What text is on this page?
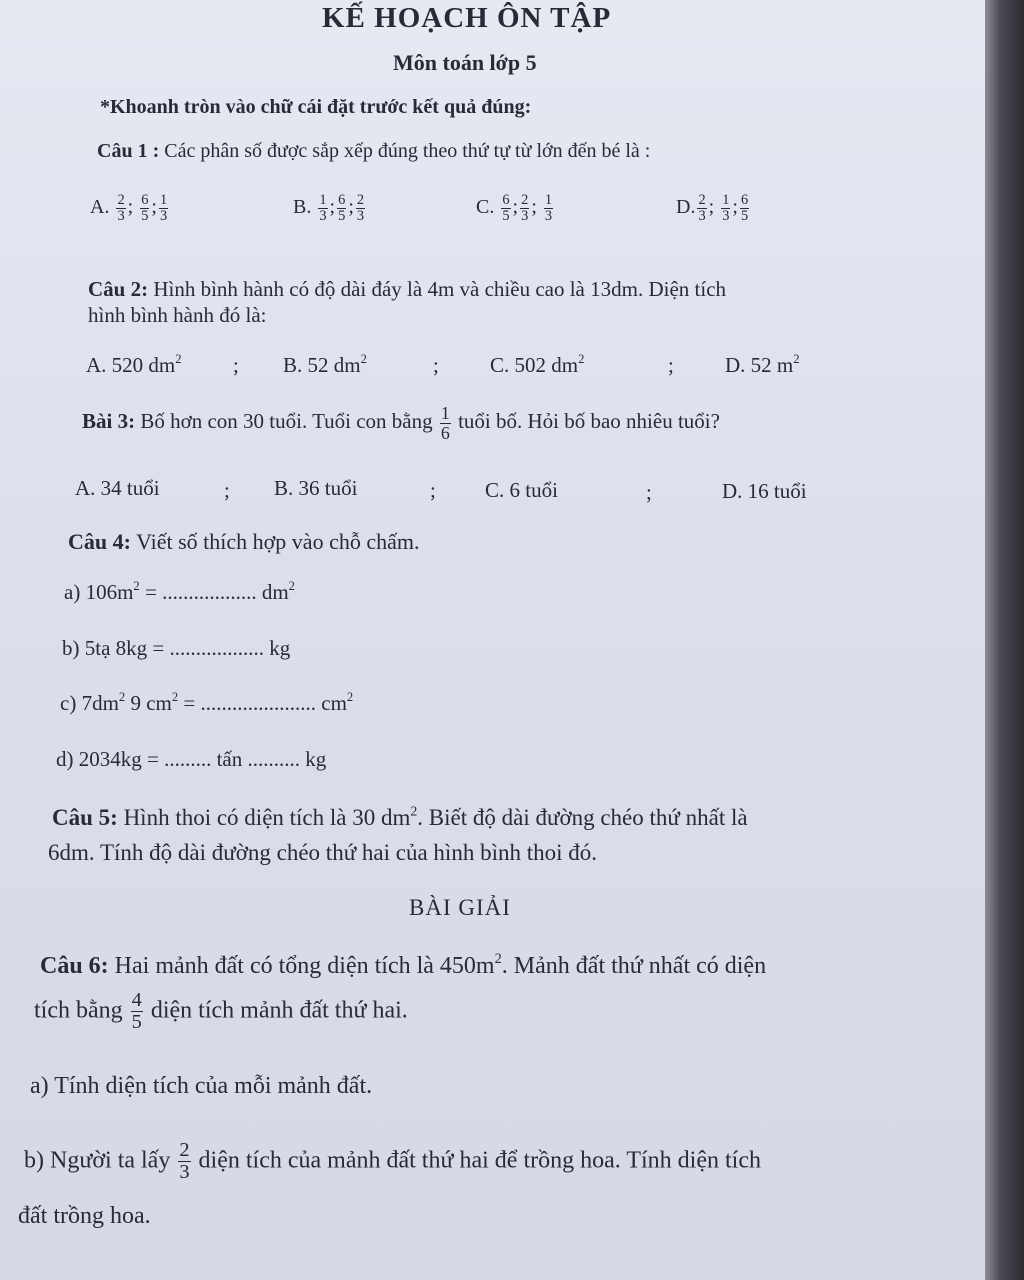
KẾ HOẠCH ÔN TẬP
Môn toán lớp 5
*Khoanh tròn vào chữ cái đặt trước kết quả đúng:
Câu 1 : Các phân số được sắp xếp đúng theo thứ tự từ lớn đến bé là :
A. $\frac{2}{3}$ ; $\frac{6}{5}$ ; $\frac{1}{3}$	B. $\frac{1}{3}$ ; $\frac{6}{5}$ ; $\frac{2}{3}$	C. $\frac{6}{5}$ ; $\frac{2}{3}$ ; $\frac{1}{3}$	D. $\frac{2}{3}$ ; $\frac{1}{3}$ ; $\frac{6}{5}$
Câu 2: Hình bình hành có độ dài đáy là 4m và chiều cao là 13dm. Diện tích
hình bình hành đó là:
A. 520 $dm^2$ ; B. 52 $dm^2$	; C. 502 $dm^2$	; D. 52 $m^2$
Bài 3: Bố hơn con 30 tuổi. Tuổi con bằng $\frac{1}{6}$ tuổi bố. Hỏi bố bao nhiêu tuổi?
A. 34 tuổi	; B. 36 tuổi	; C. 6 tuổi	;	D. 16 tuổi
Câu 4: Viết số thích hợp vào chỗ chấm.
a) $106m^2$ = .................. $dm^2$
b) 5tạ 8kg = .................. kg
c) $7dm^2$ 9 $cm^2$ = ...................... $cm^2$
d) 2034kg = ......... tấn .......... kg
Câu 5: Hình thoi có diện tích là 30 $dm^2$. Biết độ dài đường chéo thứ nhất là
6dm. Tính độ dài đường chéo thứ hai của hình bình thoi đó.
BÀI GIẢI
Câu 6: Hai mảnh đất có tổng diện tích là $450m^2$. Mảnh đất thứ nhất có diện
tích bằng $\frac{4}{5}$ diện tích mảnh đất thứ hai.
a) Tính diện tích của mỗi mảnh đất.
b) Người ta lấy $\frac{2}{3}$ diện tích của mảnh đất thứ hai để trồng hoa. Tính diện tích
đất trồng hoa.
